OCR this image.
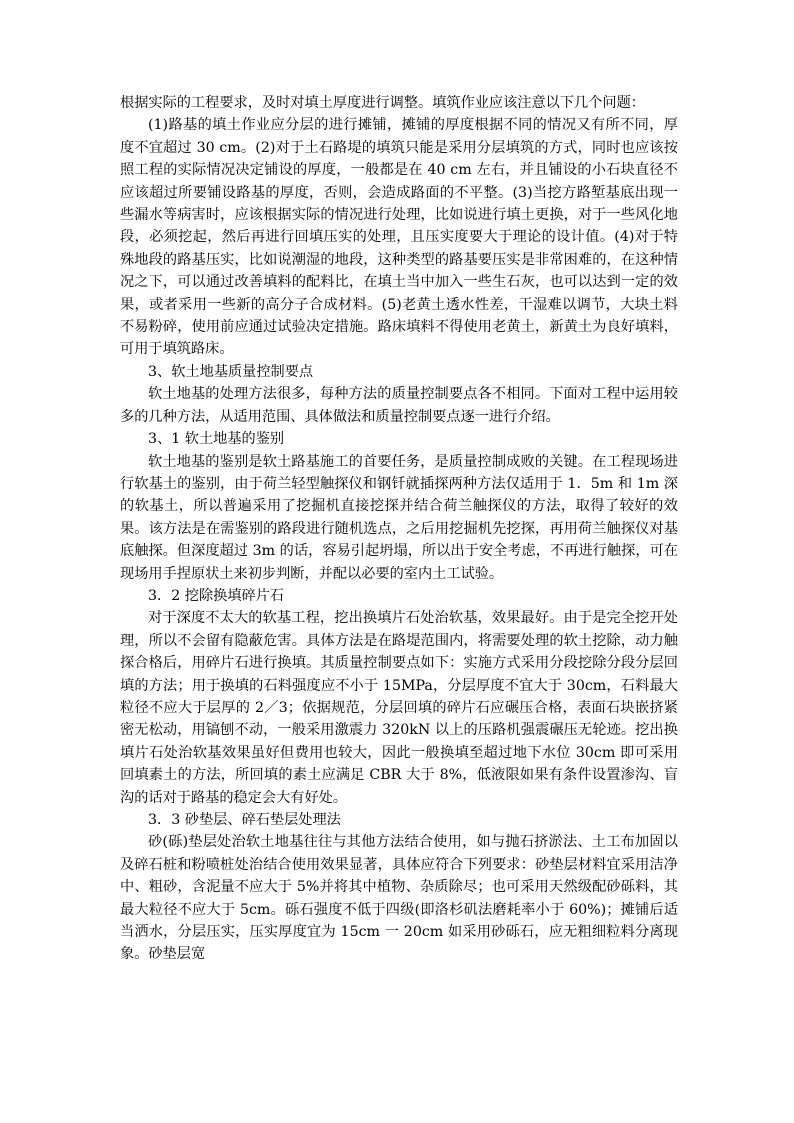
根据实际的工程要求，及时对填土厚度进行调整。填筑作业应该注意以下几个问题：

(1)路基的填土作业应分层的进行摊铺，摊铺的厚度根据不同的情况又有所不同，厚度不宜超过 30 cm。(2)对于土石路堤的填筑只能是采用分层填筑的方式，同时也应该按照工程的实际情况决定铺设的厚度，一般都是在 40 cm 左右，并且铺设的小石块直径不应该超过所要铺设路基的厚度，否则，会造成路面的不平整。(3)当挖方路堑基底出现一些漏水等病害时，应该根据实际的情况进行处理，比如说进行填土更换，对于一些风化地段，必须挖起，然后再进行回填压实的处理，且压实度要大于理论的设计值。(4)对于特殊地段的路基压实，比如说潮湿的地段，这种类型的路基要压实是非常困难的，在这种情况之下，可以通过改善填料的配料比，在填土当中加入一些生石灰，也可以达到一定的效果，或者采用一些新的高分子合成材料。(5)老黄土透水性差，干湿难以调节，大块土料不易粉碎，使用前应通过试验决定措施。路床填料不得使用老黄土，新黄土为良好填料，可用于填筑路床。

3、软土地基质量控制要点

软土地基的处理方法很多，每种方法的质量控制要点各不相同。下面对工程中运用较多的几种方法，从适用范围、具体做法和质量控制要点逐一进行介绍。

3、1 软土地基的鉴别

软土地基的鉴别是软土路基施工的首要任务，是质量控制成败的关键。在工程现场进行软基土的鉴别，由于荷兰轻型触探仪和钢钎就插探两种方法仅适用于 1．5m 和 1m 深的软基土，所以普遍采用了挖掘机直接挖探并结合荷兰触探仪的方法，取得了较好的效果。该方法是在需鉴别的路段进行随机选点，之后用挖掘机先挖探，再用荷兰触探仪对基底触探。但深度超过 3m 的话，容易引起坍塌，所以出于安全考虑，不再进行触探，可在现场用手捏原状土来初步判断，并配以必要的室内土工试验。

3．2 挖除换填碎片石

对于深度不太大的软基工程，挖出换填片石处治软基，效果最好。由于是完全挖开处理，所以不会留有隐蔽危害。具体方法是在路堤范围内，将需要处理的软土挖除，动力触探合格后，用碎片石进行换填。其质量控制要点如下：实施方式采用分段挖除分段分层回填的方法；用于换填的石料强度应不小于 15MPa，分层厚度不宜大于 30cm，石料最大粒径不应大于层厚的 2／3；依据规范，分层回填的碎片石应碾压合格，表面石块嵌挤紧密无松动，用镐刨不动，一般采用激震力 320kN 以上的压路机强震碾压无轮迹。挖出换填片石处治软基效果虽好但费用也较大，因此一般换填至超过地下水位 30cm 即可采用回填素土的方法，所回填的素土应满足 CBR 大于 8%，低液限如果有条件设置渗沟、盲沟的话对于路基的稳定会大有好处。

3．3 砂垫层、碎石垫层处理法

砂(砾)垫层处治软土地基往往与其他方法结合使用，如与抛石挤淤法、土工布加固以及碎石桩和粉喷桩处治结合使用效果显著，具体应符合下列要求：砂垫层材料宜采用洁净中、粗砂，含泥量不应大于 5%并将其中植物、杂质除尽；也可采用天然级配砂砾料，其最大粒径不应大于 5cm。砾石强度不低于四级(即洛杉矶法磨耗率小于 60%)；摊铺后适当洒水，分层压实，压实厚度宜为 15cm 一 20cm 如采用砂砾石，应无粗细粒料分离现象。砂垫层宽
